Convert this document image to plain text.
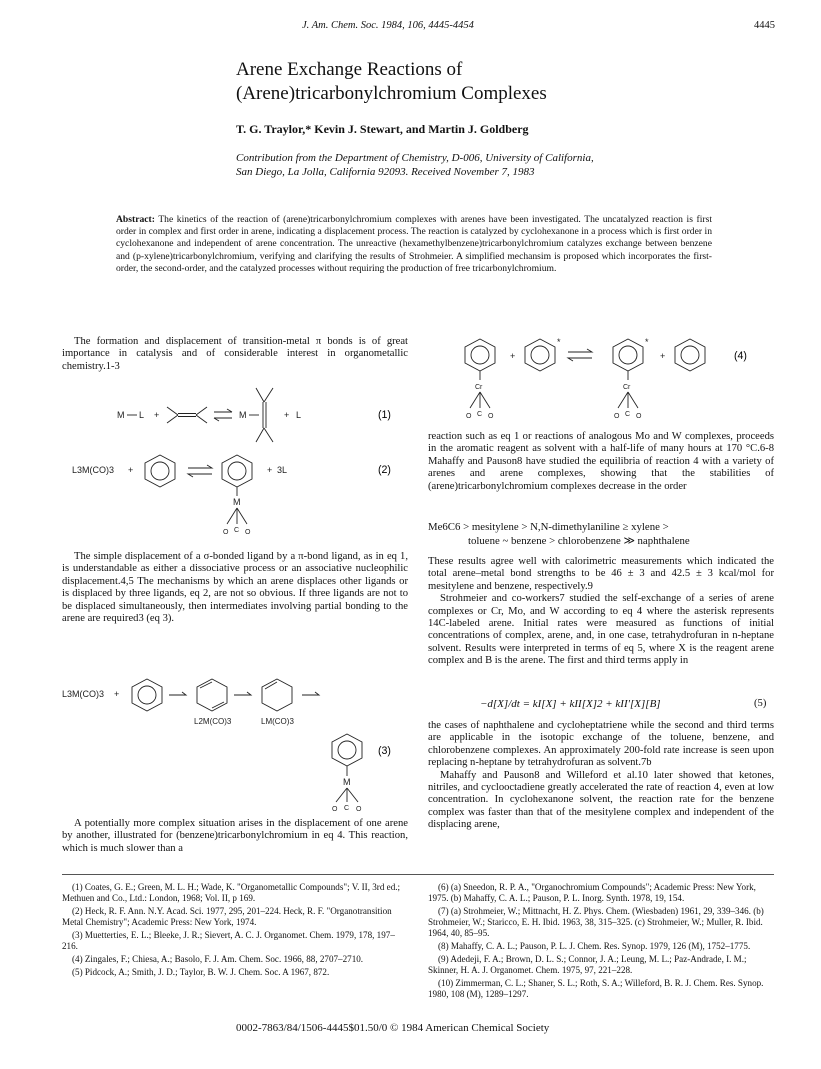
J. Am. Chem. Soc. 1984, 106, 4445-4454	4445
Arene Exchange Reactions of
(Arene)tricarbonylchromium Complexes
T. G. Traylor,* Kevin J. Stewart, and Martin J. Goldberg
Contribution from the Department of Chemistry, D-006, University of California,
San Diego, La Jolla, California 92093. Received November 7, 1983
Abstract: The kinetics of the reaction of (arene)tricarbonylchromium complexes with arenes have been investigated. The uncatalyzed reaction is first order in complex and first order in arene, indicating a displacement process. The reaction is catalyzed by cyclohexanone in a process which is first order in cyclohexanone and independent of arene concentration. The unreactive (hexamethylbenzene)tricarbonylchromium catalyzes exchange between benzene and (p-xylene)tricarbonylchromium, verifying and clarifying the results of Strohmeier. A simplified mechansim is proposed which incorporates the first-order, the second-order, and the catalyzed processes without requiring the production of free tricarbonylchromium.

The formation and displacement of transition-metal π bonds is of great importance in catalysis and of considerable interest in organometallic chemistry.1-3

M L +	M	+ L	(1)
L3M(CO)3 +
M
O C O
+ 3L	(2)

The simple displacement of a σ-bonded ligand by a π-bond ligand, as in eq 1, is understandable as either a dissociative process or an associative nucleophilic displacement.4,5 The mechanisms by which an arene displaces other ligands or is displaced by three ligands, eq 2, are not so obvious. If three ligands are not to be displaced simultaneously, then intermediates involving partial bonding to the arene are required3 (eq 3).

L3M(CO)3 +
L2M(CO)3	LM(CO)3
M
O C O
(3)

A potentially more complex situation arises in the displacement of one arene by another, illustrated for (benzene)tricarbonylchromium in eq 4. This reaction, which is much slower than a

Cr
O C O
+
*	*
Cr
O C O
+	(4)

reaction such as eq 1 or reactions of analogous Mo and W complexes, proceeds in the aromatic reagent as solvent with a half-life of many hours at 170 °C.6-8 Mahaffy and Pauson8 have studied the equilibria of reaction 4 with a variety of arenes and arene complexes, showing that the stabilities of (arene)tricarbonylchromium complexes decrease in the order

Me6C6 > mesitylene > N,N-dimethylaniline ≥ xylene >
toluene ~ benzene > chlorobenzene ≫ naphthalene

These results agree well with calorimetric measurements which indicated the total arene–metal bond strengths to be 46 ± 3 and 42.5 ± 3 kcal/mol for mesitylene and benzene, respectively.9

Strohmeier and co-workers7 studied the self-exchange of a series of arene complexes or Cr, Mo, and W according to eq 4 where the asterisk represents 14C-labeled arene. Initial rates were measured as functions of initial concentrations of complex, arene, and, in one case, tetrahydrofuran in n-heptane solvent. Results were interpreted in terms of eq 5, where X is the reagent arene complex and B is the arene. The first and third terms apply in

−d[X]/dt = kI[X] + kII[X]2 + kII′[X][B]	(5)

the cases of naphthalene and cycloheptatriene while the second and third terms are applicable in the isotopic exchange of the toluene, benzene, and chlorobenzene complexes. An approximately 200-fold rate increase is seen upon replacing n-heptane by tetrahydrofuran as solvent.7b

Mahaffy and Pauson8 and Willeford et al.10 later showed that ketones, nitriles, and cyclooctadiene greatly accelerated the rate of reaction 4, even at low concentration. In cyclohexanone solvent, the reaction rate for the benzene complex was faster than that of the mesitylene complex and independent of the displacing arene,

(1) Coates, G. E.; Green, M. L. H.; Wade, K. "Organometallic Compounds"; V. II, 3rd ed.; Methuen and Co., Ltd.: London, 1968; Vol. II, p 169.

(2) Heck, R. F. Ann. N.Y. Acad. Sci. 1977, 295, 201–224. Heck, R. F. "Organotransition Metal Chemistry"; Academic Press: New York, 1974.

(3) Muetterties, E. L.; Bleeke, J. R.; Sievert, A. C. J. Organomet. Chem. 1979, 178, 197–216.

(4) Zingales, F.; Chiesa, A.; Basolo, F. J. Am. Chem. Soc. 1966, 88, 2707–2710.

(5) Pidcock, A.; Smith, J. D.; Taylor, B. W. J. Chem. Soc. A 1967, 872.

(6) (a) Sneedon, R. P. A., "Organochromium Compounds"; Academic Press: New York, 1975. (b) Mahaffy, C. A. L.; Pauson, P. L. Inorg. Synth. 1978, 19, 154.

(7) (a) Strohmeier, W.; Mittnacht, H. Z. Phys. Chem. (Wiesbaden) 1961, 29, 339–346. (b) Strohmeier, W.; Staricco, E. H. Ibid. 1963, 38, 315–325. (c) Strohmeier, W.; Muller, R. Ibid. 1964, 40, 85–95.

(8) Mahaffy, C. A. L.; Pauson, P. L. J. Chem. Res. Synop. 1979, 126 (M), 1752–1775.

(9) Adedeji, F. A.; Brown, D. L. S.; Connor, J. A.; Leung, M. L.; Paz-Andrade, I. M.; Skinner, H. A. J. Organomet. Chem. 1975, 97, 221–228.

(10) Zimmerman, C. L.; Shaner, S. L.; Roth, S. A.; Willeford, B. R. J. Chem. Res. Synop. 1980, 108 (M), 1289–1297.

0002-7863/84/1506-4445$01.50/0 © 1984 American Chemical Society
